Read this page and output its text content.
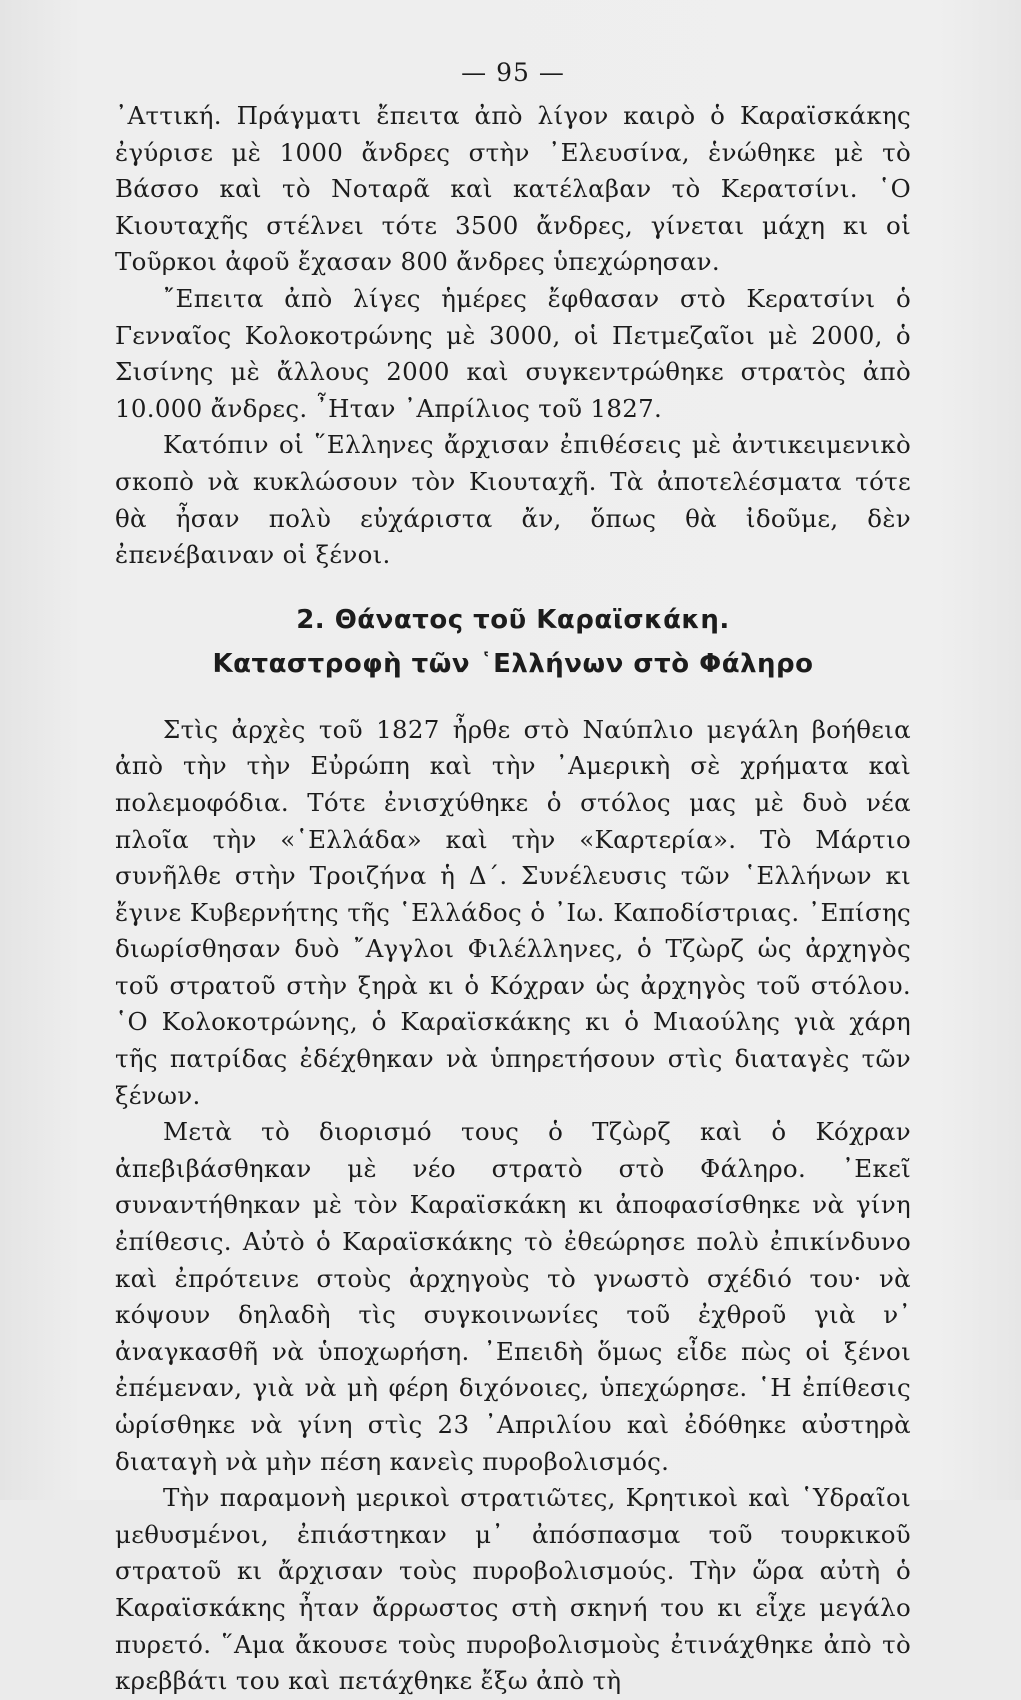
— 95 —

᾿Αττική. Πράγματι ἔπειτα ἀπὸ λίγον καιρὸ ὁ Καραϊσκάκης ἐγύρισε μὲ 1000 ἄνδρες στὴν ᾿Ελευσίνα, ἑνώθηκε μὲ τὸ Βάσσο καὶ τὸ Νοταρᾶ καὶ κατέλαβαν τὸ Κερατσίνι. ῾Ο Κιουταχῆς στέλνει τότε 3500 ἄνδρες, γίνεται μάχη κι οἱ Τοῦρκοι ἀφοῦ ἔχασαν 800 ἄνδρες ὑπεχώρησαν.

῎Επειτα ἀπὸ λίγες ἡμέρες ἔφθασαν στὸ Κερατσίνι ὁ Γενναῖος Κολοκοτρώνης μὲ 3000, οἱ Πετμεζαῖοι μὲ 2000, ὁ Σισίνης μὲ ἄλλους 2000 καὶ συγκεντρώθηκε στρατὸς ἀπὸ 10.000 ἄνδρες. ῏Ηταν ᾿Απρίλιος τοῦ 1827.

Κατόπιν οἱ ῞Ελληνες ἄρχισαν ἐπιθέσεις μὲ ἀντικειμενικὸ σκοπὸ νὰ κυκλώσουν τὸν Κιουταχῆ. Τὰ ἀποτελέσματα τότε θὰ ἦσαν πολὺ εὐχάριστα ἄν, ὅπως θὰ ἰδοῦμε, δὲν ἐπενέβαιναν οἱ ξένοι.

2. Θάνατος τοῦ Καραϊσκάκη.

Καταστροφὴ τῶν ῾Ελλήνων στὸ Φάληρο

Στὶς ἀρχὲς τοῦ 1827 ἦρθε στὸ Ναύπλιο μεγάλη βοήθεια ἀπὸ τὴν τὴν Εὐρώπη καὶ τὴν ᾿Αμερικὴ σὲ χρήματα καὶ πολεμοφόδια. Τότε ἐνισχύθηκε ὁ στόλος μας μὲ δυὸ νέα πλοῖα τὴν «῾Ελλάδα» καὶ τὴν «Καρτερία». Τὸ Μάρτιο συνῆλθε στὴν Τροιζήνα ἡ Δ΄. Συνέλευσις τῶν ῾Ελλήνων κι ἔγινε Κυβερνήτης τῆς ῾Ελλάδος ὁ ᾿Ιω. Καποδίστριας. ᾿Επίσης διωρίσθησαν δυὸ ῎Αγγλοι Φιλέλληνες, ὁ Τζὼρζ ὡς ἀρχηγὸς τοῦ στρατοῦ στὴν ξηρὰ κι ὁ Κόχραν ὡς ἀρχηγὸς τοῦ στόλου. ῾Ο Κολοκοτρώνης, ὁ Καραϊσκάκης κι ὁ Μιαούλης γιὰ χάρη τῆς πατρίδας ἐδέχθηκαν νὰ ὑπηρετήσουν στὶς διαταγὲς τῶν ξένων.

Μετὰ τὸ διορισμό τους ὁ Τζὼρζ καὶ ὁ Κόχραν ἀπεβιβάσθηκαν μὲ νέο στρατὸ στὸ Φάληρο. ᾿Εκεῖ συναντήθηκαν μὲ τὸν Καραϊσκάκη κι ἀποφασίσθηκε νὰ γίνη ἐπίθεσις. Αὐτὸ ὁ Καραϊσκάκης τὸ ἐθεώρησε πολὺ ἐπικίνδυνο καὶ ἐπρότεινε στοὺς ἀρχηγοὺς τὸ γνωστὸ σχέδιό του· νὰ κόψουν δηλαδὴ τὶς συγκοινωνίες τοῦ ἐχθροῦ γιὰ ν᾿ ἀναγκασθῆ νὰ ὑποχωρήση. ᾿Επειδὴ ὅμως εἶδε πὼς οἱ ξένοι ἐπέμεναν, γιὰ νὰ μὴ φέρη διχόνοιες, ὑπεχώρησε. ῾Η ἐπίθεσις ὡρίσθηκε νὰ γίνη στὶς 23 ᾿Απριλίου καὶ ἐδόθηκε αὐστηρὰ διαταγὴ νὰ μὴν πέση κανεὶς πυροβολισμός.

Τὴν παραμονὴ μερικοὶ στρατιῶτες, Κρητικοὶ καὶ ῾Υδραῖοι μεθυσμένοι, ἐπιάστηκαν μ᾿ ἀπόσπασμα τοῦ τουρκικοῦ στρατοῦ κι ἄρχισαν τοὺς πυροβολισμούς. Τὴν ὥρα αὐτὴ ὁ Καραϊσκάκης ἦταν ἄρρωστος στὴ σκηνή του κι εἶχε μεγάλο πυρετό. ῞Αμα ἄκουσε τοὺς πυροβολισμοὺς ἐτινάχθηκε ἀπὸ τὸ κρεββάτι του καὶ πετάχθηκε ἔξω ἀπὸ τὴ
